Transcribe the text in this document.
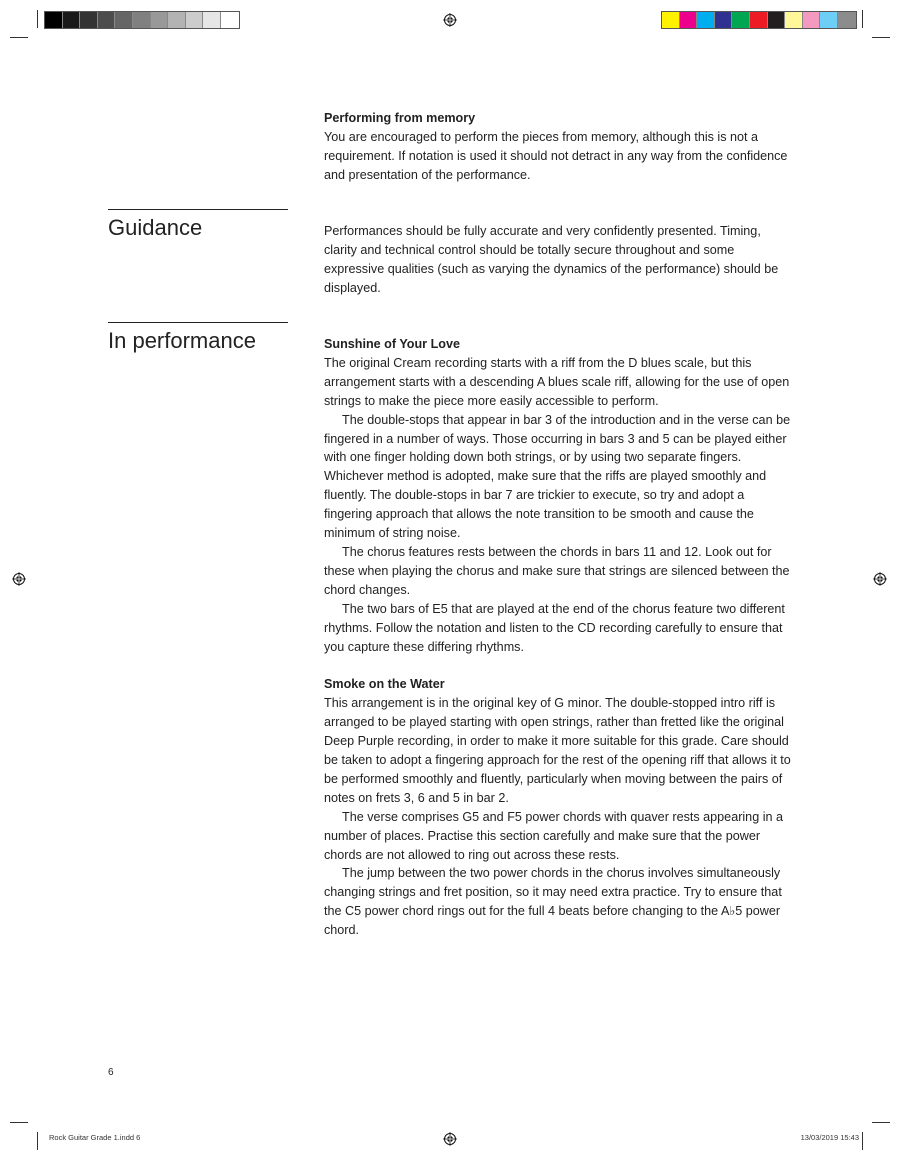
Performing from memory

You are encouraged to perform the pieces from memory, although this is not a requirement. If notation is used it should not detract in any way from the confidence and presentation of the performance.

Guidance	Performances should be fully accurate and very confidently presented. Timing, clarity and technical control should be totally secure throughout and some expressive qualities (such as varying the dynamics of the performance) should be displayed.

In performance	Sunshine of Your Love

The original Cream recording starts with a riff from the D blues scale, but this arrangement starts with a descending A blues scale riff, allowing for the use of open strings to make the piece more easily accessible to perform.

The double-stops that appear in bar 3 of the introduction and in the verse can be fingered in a number of ways. Those occurring in bars 3 and 5 can be played either with one finger holding down both strings, or by using two separate fingers. Whichever method is adopted, make sure that the riffs are played smoothly and fluently. The double-stops in bar 7 are trickier to execute, so try and adopt a fingering approach that allows the note transition to be smooth and cause the minimum of string noise.

The chorus features rests between the chords in bars 11 and 12. Look out for these when playing the chorus and make sure that strings are silenced between the chord changes.

The two bars of E5 that are played at the end of the chorus feature two different rhythms. Follow the notation and listen to the CD recording carefully to ensure that you capture these differing rhythms.

Smoke on the Water

This arrangement is in the original key of G minor. The double-stopped intro riff is arranged to be played starting with open strings, rather than fretted like the original Deep Purple recording, in order to make it more suitable for this grade. Care should be taken to adopt a fingering approach for the rest of the opening riff that allows it to be performed smoothly and fluently, particularly when moving between the pairs of notes on frets 3, 6 and 5 in bar 2.

The verse comprises G5 and F5 power chords with quaver rests appearing in a number of places. Practise this section carefully and make sure that the power chords are not allowed to ring out across these rests.

The jump between the two power chords in the chorus involves simultaneously changing strings and fret position, so it may need extra practice. Try to ensure that the C5 power chord rings out for the full 4 beats before changing to the A♭5 power chord.

6
Rock Guitar Grade 1.indd 6	13/03/2019 15:43
